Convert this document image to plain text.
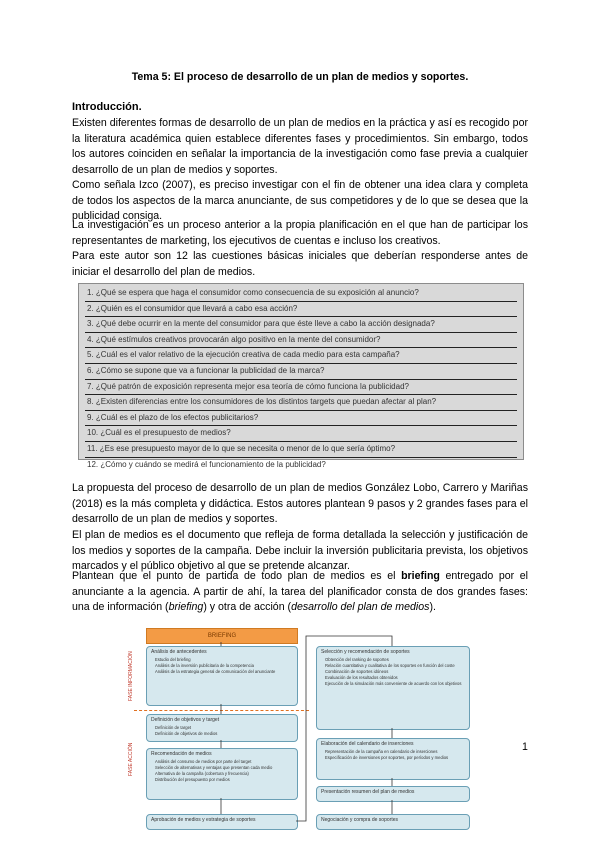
Tema 5: El proceso de desarrollo de un plan de medios y soportes.
Introducción.

Existen diferentes formas de desarrollo de un plan de medios en la práctica y así es recogido por la literatura académica quien establece diferentes fases y procedimientos. Sin embargo, todos los autores coinciden en señalar la importancia de la investigación como fase previa a cualquier desarrollo de un plan de medios y soportes.

Como señala Izco (2007), es preciso investigar con el fin de obtener una idea clara y completa de todos los aspectos de la marca anunciante, de sus competidores y de lo que se desea que la publicidad consiga.

La investigación es un proceso anterior a la propia planificación en el que han de participar los representantes de marketing, los ejecutivos de cuentas e incluso los creativos.

Para este autor son 12 las cuestiones básicas iniciales que deberían responderse antes de iniciar el desarrollo del plan de medios.

1. ¿Qué se espera que haga el consumidor como consecuencia de su exposición al anuncio?
2. ¿Quién es el consumidor que llevará a cabo esa acción?
3. ¿Qué debe ocurrir en la mente del consumidor para que éste lleve a cabo la acción designada?
4. ¿Qué estímulos creativos provocarán algo positivo en la mente del consumidor?
5. ¿Cuál es el valor relativo de la ejecución creativa de cada medio para esta campaña?
6. ¿Cómo se supone que va a funcionar la publicidad de la marca?
7. ¿Qué patrón de exposición representa mejor esa teoría de cómo funciona la publicidad?
8. ¿Existen diferencias entre los consumidores de los distintos targets que puedan afectar al plan?
9. ¿Cuál es el plazo de los efectos publicitarios?
10. ¿Cuál es el presupuesto de medios?
11. ¿Es ese presupuesto mayor de lo que se necesita o menor de lo que sería óptimo?
12. ¿Cómo y cuándo se medirá el funcionamiento de la publicidad?

La propuesta del proceso de desarrollo de un plan de medios González Lobo, Carrero y Mariñas (2018) es la más completa y didáctica. Estos autores plantean 9 pasos y 2 grandes fases para el desarrollo de un plan de medios y soportes.

El plan de medios es el documento que refleja de forma detallada la selección y justificación de los medios y soportes de la campaña. Debe incluir la inversión publicitaria prevista, los objetivos marcados y el público objetivo al que se pretende alcanzar.

Plantean que el punto de partida de todo plan de medios es el briefing entregado por el anunciante a la agencia. A partir de ahí, la tarea del planificador consta de dos grandes fases: una de información (briefing) y otra de acción (desarrollo del plan de medios).

BRIEFING
FASE INFORMACIÓN
FASE ACCIÓN
Análisis de antecedentes
Estudio del briefing
Análisis de la inversión publicitaria de la competencia
Análisis de la estrategia general de comunicación del anunciante
Definición de objetivos y target
Definición de target
Definición de objetivos de medios
Recomendación de medios
Análisis del consumo de medios por parte del target
Selección de alternativas y ventajas que presentan cada medio
Alternativa de la campaña (cobertura y frecuencia)
Distribución del presupuesto por medios
Aprobación de medios y estrategia de soportes
Selección y recomendación de soportes
Obtención del ranking de soportes
Relación cuantitativa y cualitativa de los soportes en función del coste
Combinación de soportes idóneos
Evaluación de los resultados obtenidos
Ejecución de la simulación más conveniente de acuerdo con los objetivos
Elaboración del calendario de inserciones
Representación de la campaña en calendario de inserciones
Especificación de inversiones por soportes, por períodos y medios
Presentación resumen del plan de medios
Negociación y compra de soportes
1
